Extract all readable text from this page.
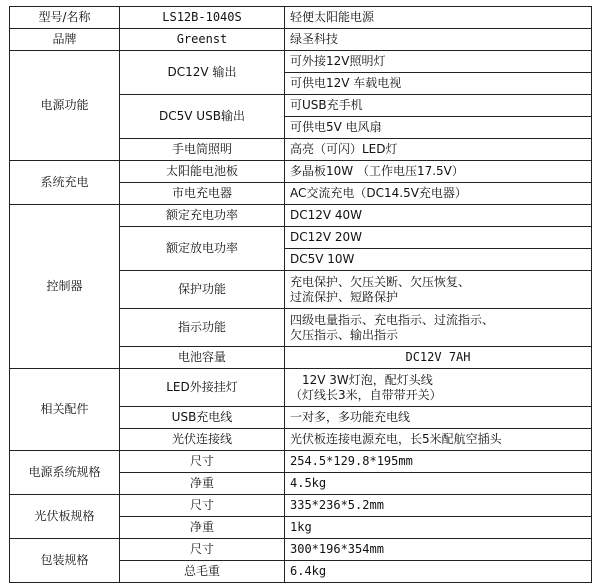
型号/名称	LS12B-1040S	轻便太阳能电源	
品牌	Greenst	绿圣科技	
电源功能	DC12V 输出	可外接12V照明灯	
		可供电12V 车载电视	
	DC5V USB输出	可USB充手机	
		可供电5V 电风扇	
	手电筒照明	高亮（可闪）LED灯	
系统充电	太阳能电池板	多晶板10W （工作电压17.5V）	
	市电充电器	AC交流充电（DC14.5V充电器）	
控制器	额定充电功率	DC12V 40W	
	额定放电功率	DC12V 20W	
		DC5V 10W	
	保护功能	充电保护、欠压关断、欠压恢复、
过流保护、短路保护	

	指示功能	四级电量指示、充电指示、过流指示、
欠压指示、输出指示	

	电池容量	DC12V 7AH	
相关配件	LED外接挂灯	12V 3W灯泡，配灯头线
（灯线长3米，自带带开关）	

	USB充电线	一对多，多功能充电线	
	光伏连接线	光伏板连接电源充电，长5米配航空插头	
电源系统规格	尺寸	254.5*129.8*195mm	
	净重	4.5kg	
光伏板规格	尺寸	335*236*5.2mm	
	净重	1kg	
包装规格	尺寸	300*196*354mm	
	总毛重	6.4kg	
